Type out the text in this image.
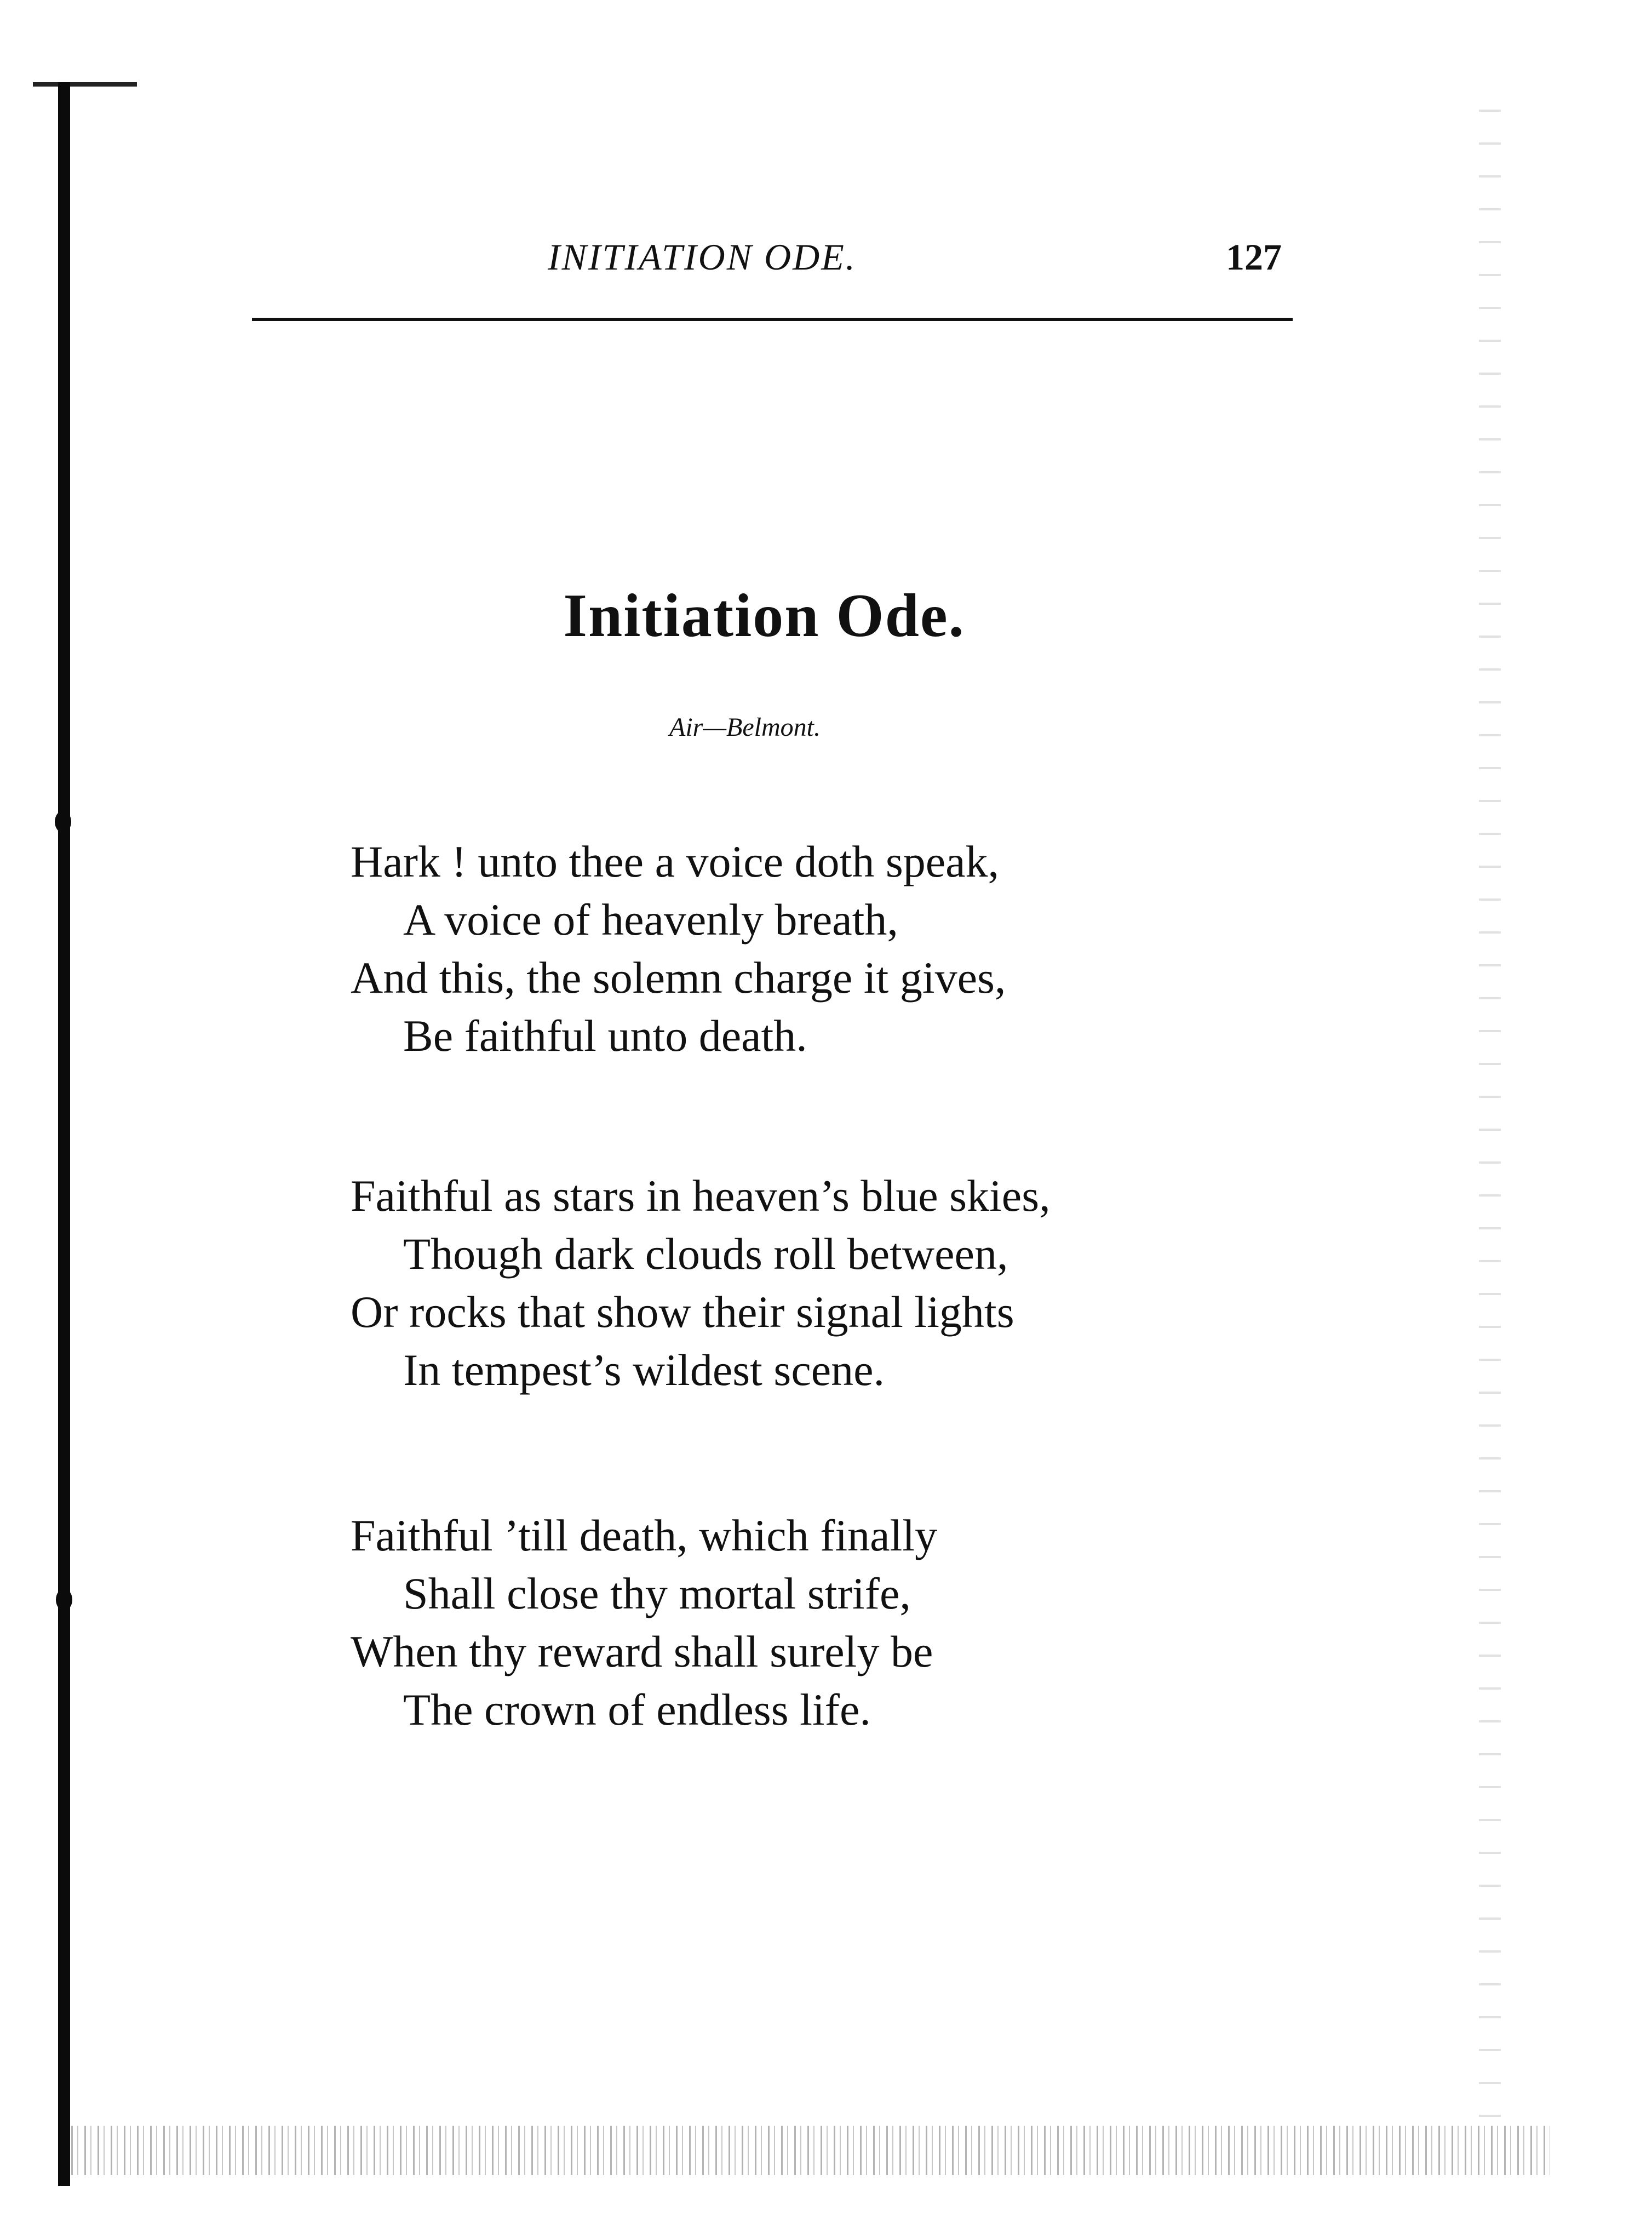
INITIATION ODE.	127
Initiation Ode.
Air—Belmont.

Hark ! unto thee a voice doth speak,

A voice of heavenly breath,

And this, the solemn charge it gives,

Be faithful unto death.

Faithful as stars in heaven’s blue skies,

Though dark clouds roll between,

Or rocks that show their signal lights

In tempest’s wildest scene.

Faithful ’till death, which finally

Shall close thy mortal strife,

When thy reward shall surely be

The crown of endless life.
